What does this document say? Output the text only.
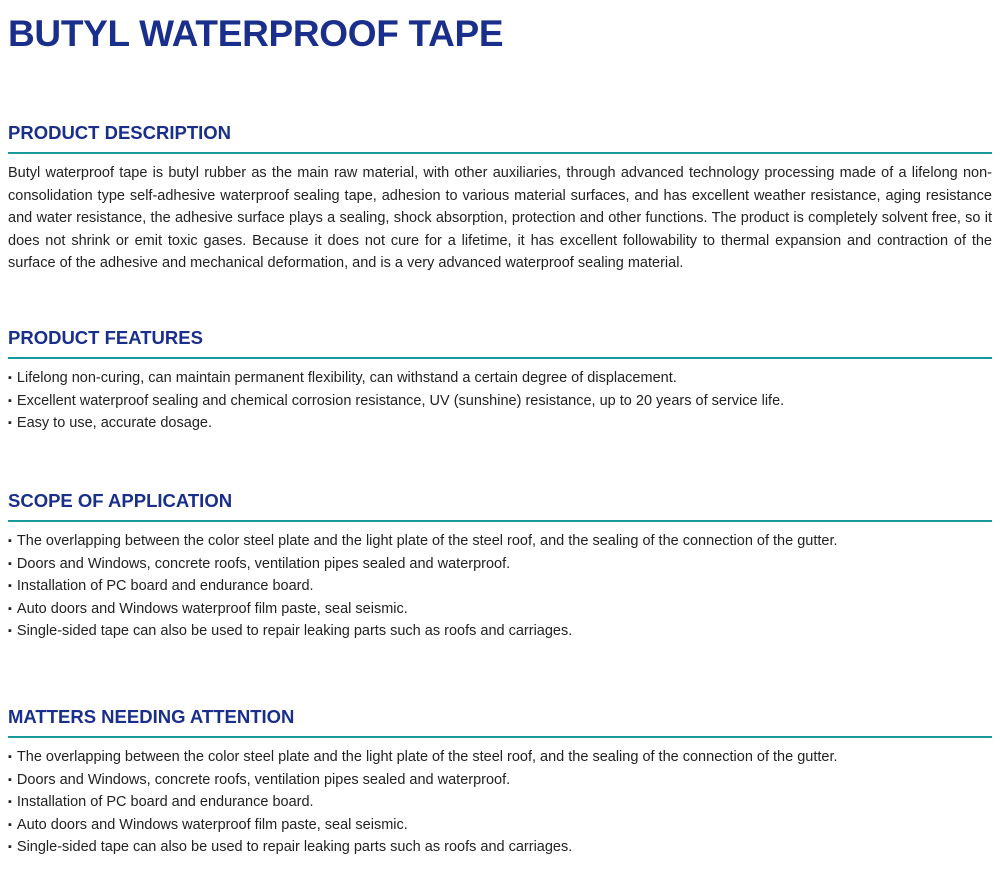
BUTYL WATERPROOF TAPE
PRODUCT DESCRIPTION

Butyl waterproof tape is butyl rubber as the main raw material, with other auxiliaries, through advanced technology processing made of a lifelong non-consolidation type self-adhesive waterproof sealing tape, adhesion to various material surfaces, and has excellent weather resistance, aging resistance and water resistance, the adhesive surface plays a sealing, shock absorption, protection and other functions. The product is completely solvent free, so it does not shrink or emit toxic gases. Because it does not cure for a lifetime, it has excellent followability to thermal expansion and contraction of the surface of the adhesive and mechanical deformation, and is a very advanced waterproof sealing material.

PRODUCT FEATURES
▪ Lifelong non-curing, can maintain permanent flexibility, can withstand a certain degree of displacement.
▪ Excellent waterproof sealing and chemical corrosion resistance, UV (sunshine) resistance, up to 20 years of service life.
▪ Easy to use, accurate dosage.
SCOPE OF APPLICATION
▪ The overlapping between the color steel plate and the light plate of the steel roof, and the sealing of the connection of the gutter.
▪ Doors and Windows, concrete roofs, ventilation pipes sealed and waterproof.
▪ Installation of PC board and endurance board.
▪ Auto doors and Windows waterproof film paste, seal seismic.
▪ Single-sided tape can also be used to repair leaking parts such as roofs and carriages.
MATTERS NEEDING ATTENTION
▪ The overlapping between the color steel plate and the light plate of the steel roof, and the sealing of the connection of the gutter.
▪ Doors and Windows, concrete roofs, ventilation pipes sealed and waterproof.
▪ Installation of PC board and endurance board.
▪ Auto doors and Windows waterproof film paste, seal seismic.
▪ Single-sided tape can also be used to repair leaking parts such as roofs and carriages.
